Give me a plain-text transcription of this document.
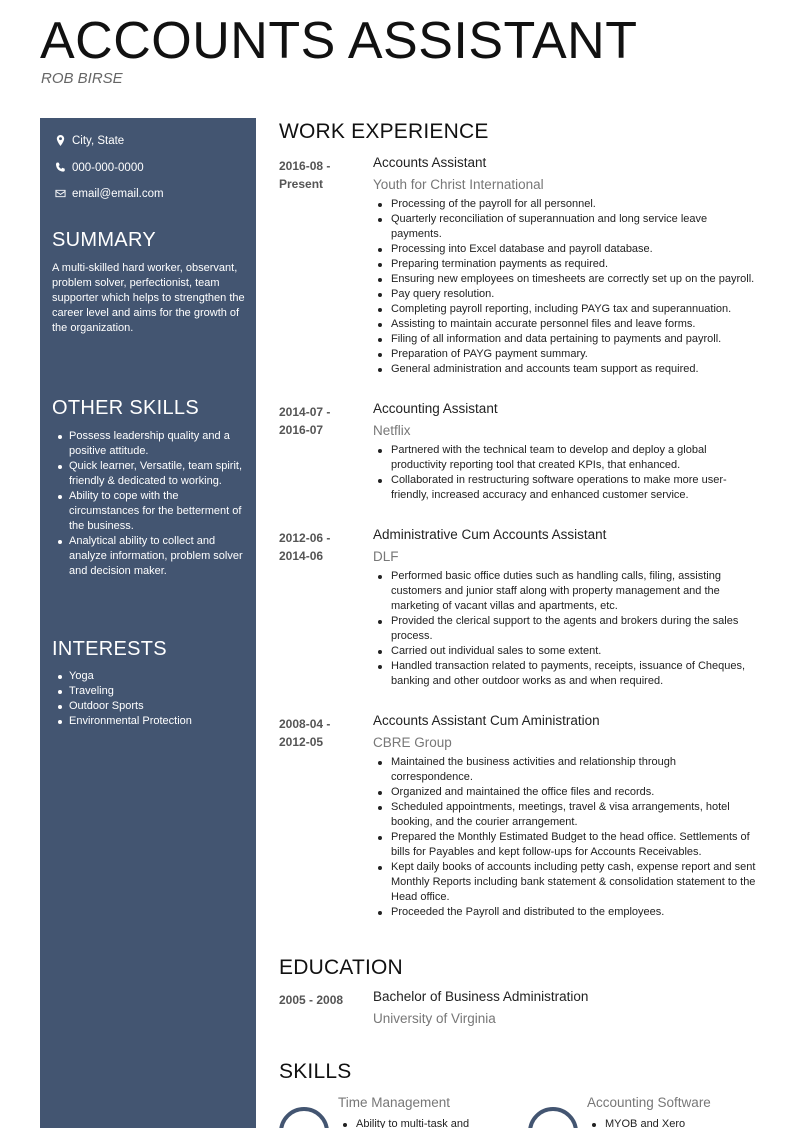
ACCOUNTS ASSISTANT
ROB BIRSE
City, State
000-000-0000
email@email.com
SUMMARY
A multi-skilled hard worker, observant, problem solver, perfectionist, team supporter which helps to strengthen the career level and aims for the growth of the organization.
OTHER SKILLS
Possess leadership quality and a positive attitude.
Quick learner, Versatile, team spirit, friendly & dedicated to working.
Ability to cope with the circumstances for the betterment of the business.
Analytical ability to collect and analyze information, problem solver and decision maker.
INTERESTS
Yoga
Traveling
Outdoor Sports
Environmental Protection
WORK EXPERIENCE
2016-08 -
Present
Accounts Assistant
Youth for Christ International
Processing of the payroll for all personnel.
Quarterly reconciliation of superannuation and long service leave payments.
Processing into Excel database and payroll database.
Preparing termination payments as required.
Ensuring new employees on timesheets are correctly set up on the payroll.
Pay query resolution.
Completing payroll reporting, including PAYG tax and superannuation.
Assisting to maintain accurate personnel files and leave forms.
Filing of all information and data pertaining to payments and payroll.
Preparation of PAYG payment summary.
General administration and accounts team support as required.
2014-07 -
2016-07
Accounting Assistant
Netflix
Partnered with the technical team to develop and deploy a global productivity reporting tool that created KPIs, that enhanced.
Collaborated in restructuring software operations to make more user-friendly, increased accuracy and enhanced customer service.
2012-06 -
2014-06
Administrative Cum Accounts Assistant
DLF
Performed basic office duties such as handling calls, filing, assisting customers and junior staff along with property management and the marketing of vacant villas and apartments, etc.
Provided the clerical support to the agents and brokers during the sales process.
Carried out individual sales to some extent.
Handled transaction related to payments, receipts, issuance of Cheques, banking and other outdoor works as and when required.
2008-04 -
2012-05
Accounts Assistant Cum Aministration
CBRE Group
Maintained the business activities and relationship through correspondence.
Organized and maintained the office files and records.
Scheduled appointments, meetings, travel & visa arrangements, hotel booking, and the courier arrangement.
Prepared the Monthly Estimated Budget to the head office. Settlements of bills for Payables and kept follow-ups for Accounts Receivables.
Kept daily books of accounts including petty cash, expense report and sent Monthly Reports including bank statement & consolidation statement to the Head office.
Proceeded the Payroll and distributed to the employees.
EDUCATION
2005 - 2008	Bachelor of Business Administration
University of Virginia
SKILLS
Time Management
Ability to multi-task and
Accounting Software
MYOB and Xero
